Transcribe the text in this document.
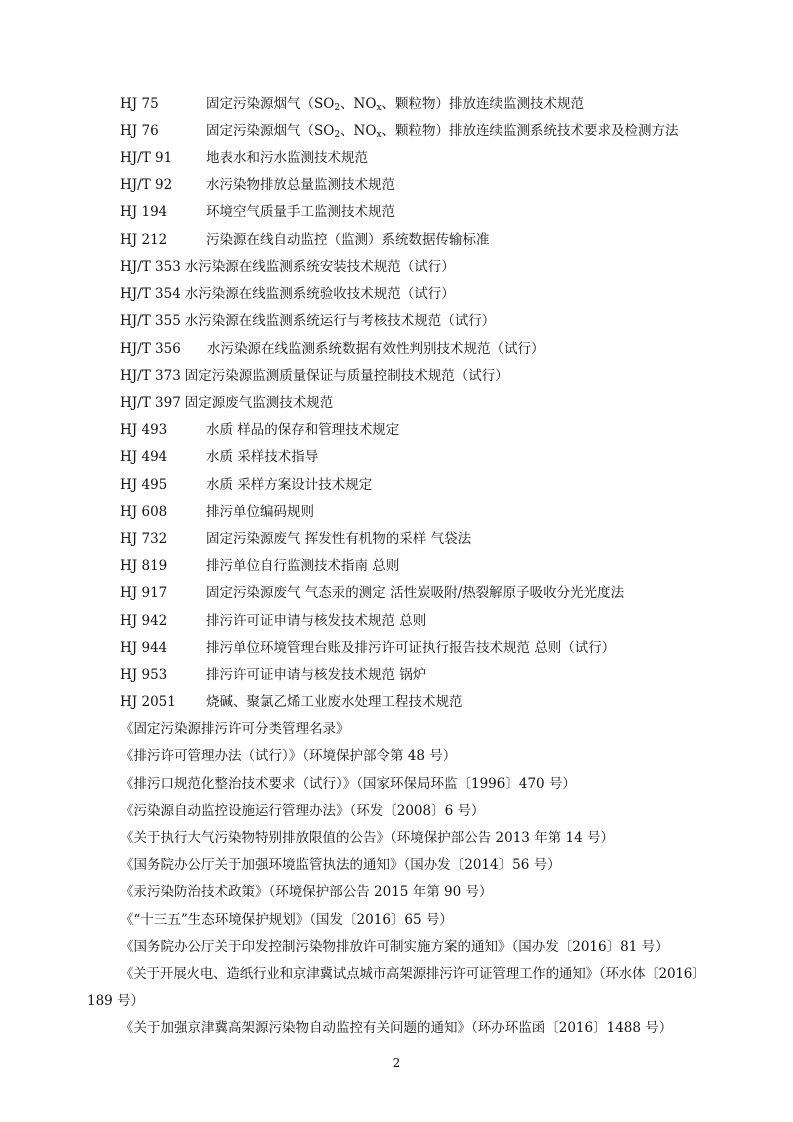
HJ 75	固定污染源烟气（$SO_2$、$NO_x$、颗粒物）排放连续监测技术规范
HJ 76	固定污染源烟气（$SO_2$、$NO_x$、颗粒物）排放连续监测系统技术要求及检测方法
HJ/T 91	地表水和污水监测技术规范
HJ/T 92	水污染物排放总量监测技术规范
HJ 194	环境空气质量手工监测技术规范
HJ 212	污染源在线自动监控（监测）系统数据传输标准
HJ/T 353 水污染源在线监测系统安装技术规范（试行）
HJ/T 354 水污染源在线监测系统验收技术规范（试行）
HJ/T 355 水污染源在线监测系统运行与考核技术规范（试行）
HJ/T 356 水污染源在线监测系统数据有效性判别技术规范（试行）
HJ/T 373 固定污染源监测质量保证与质量控制技术规范（试行）
HJ/T 397 固定源废气监测技术规范
HJ 493	水质 样品的保存和管理技术规定
HJ 494	水质 采样技术指导
HJ 495	水质 采样方案设计技术规定
HJ 608	排污单位编码规则
HJ 732	固定污染源废气 挥发性有机物的采样 气袋法
HJ 819	排污单位自行监测技术指南 总则
HJ 917	固定污染源废气 气态汞的测定 活性炭吸附/热裂解原子吸收分光光度法
HJ 942	排污许可证申请与核发技术规范 总则
HJ 944	排污单位环境管理台账及排污许可证执行报告技术规范 总则（试行）
HJ 953	排污许可证申请与核发技术规范 锅炉
HJ 2051 烧碱、聚氯乙烯工业废水处理工程技术规范
《固定污染源排污许可分类管理名录》
《排污许可管理办法（试行）》（环境保护部令第 48 号）
《排污口规范化整治技术要求（试行）》（国家环保局环监〔1996〕470 号）
《污染源自动监控设施运行管理办法》（环发〔2008〕6 号）
《关于执行大气污染物特别排放限值的公告》（环境保护部公告 2013 年第 14 号）
《国务院办公厅关于加强环境监管执法的通知》（国办发〔2014〕56 号）
《汞污染防治技术政策》（环境保护部公告 2015 年第 90 号）
《“十三五”生态环境保护规划》（国发〔2016〕65 号）
《国务院办公厅关于印发控制污染物排放许可制实施方案的通知》（国办发〔2016〕81 号）
《关于开展火电、造纸行业和京津冀试点城市高架源排污许可证管理工作的通知》（环水体〔2016〕
189 号）
《关于加强京津冀高架源污染物自动监控有关问题的通知》（环办环监函〔2016〕1488 号）
2
